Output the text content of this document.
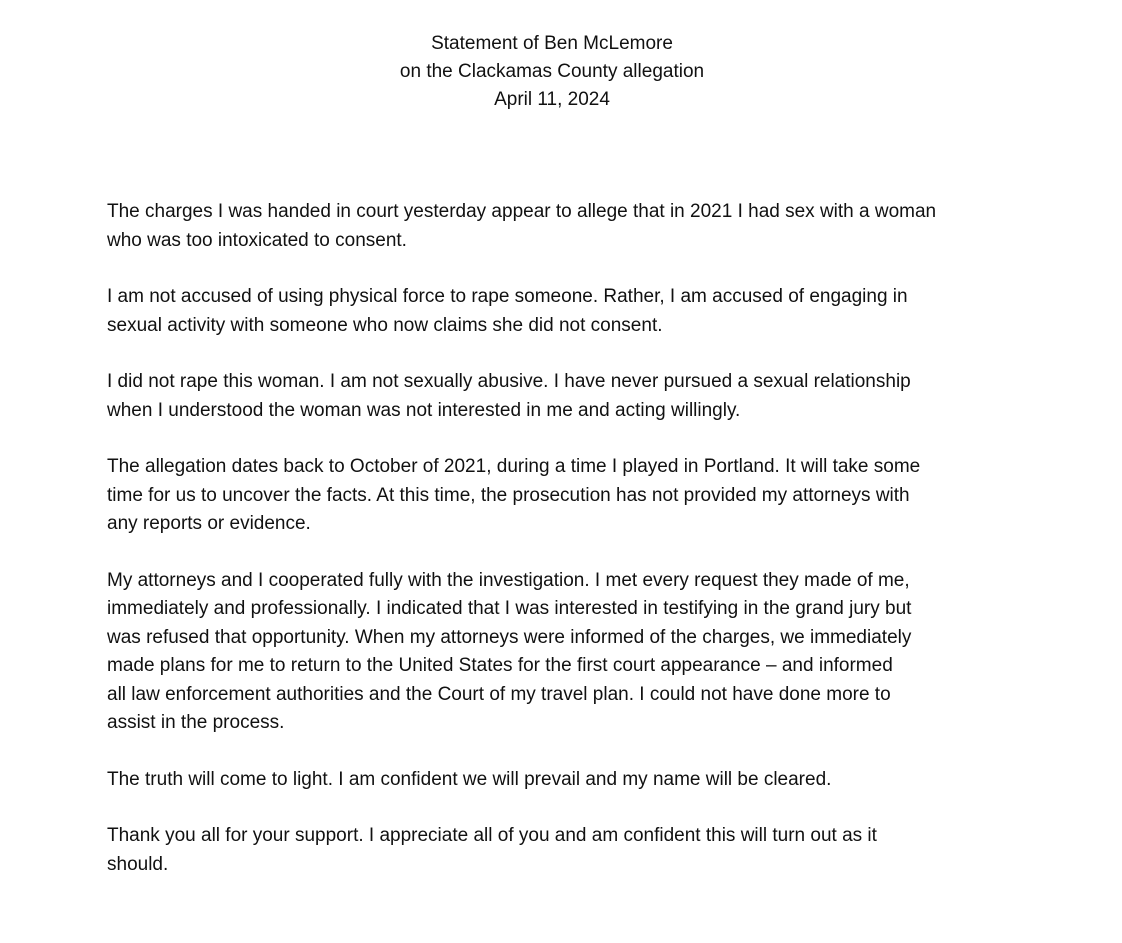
Statement of Ben McLemore
on the Clackamas County allegation
April 11, 2024

The charges I was handed in court yesterday appear to allege that in 2021 I had sex with a woman
who was too intoxicated to consent.

I am not accused of using physical force to rape someone. Rather, I am accused of engaging in
sexual activity with someone who now claims she did not consent.

I did not rape this woman. I am not sexually abusive. I have never pursued a sexual relationship
when I understood the woman was not interested in me and acting willingly.

The allegation dates back to October of 2021, during a time I played in Portland. It will take some
time for us to uncover the facts. At this time, the prosecution has not provided my attorneys with
any reports or evidence.

My attorneys and I cooperated fully with the investigation. I met every request they made of me,
immediately and professionally. I indicated that I was interested in testifying in the grand jury but
was refused that opportunity. When my attorneys were informed of the charges, we immediately
made plans for me to return to the United States for the first court appearance – and informed
all law enforcement authorities and the Court of my travel plan. I could not have done more to
assist in the process.

The truth will come to light. I am confident we will prevail and my name will be cleared.

Thank you all for your support. I appreciate all of you and am confident this will turn out as it
should.
